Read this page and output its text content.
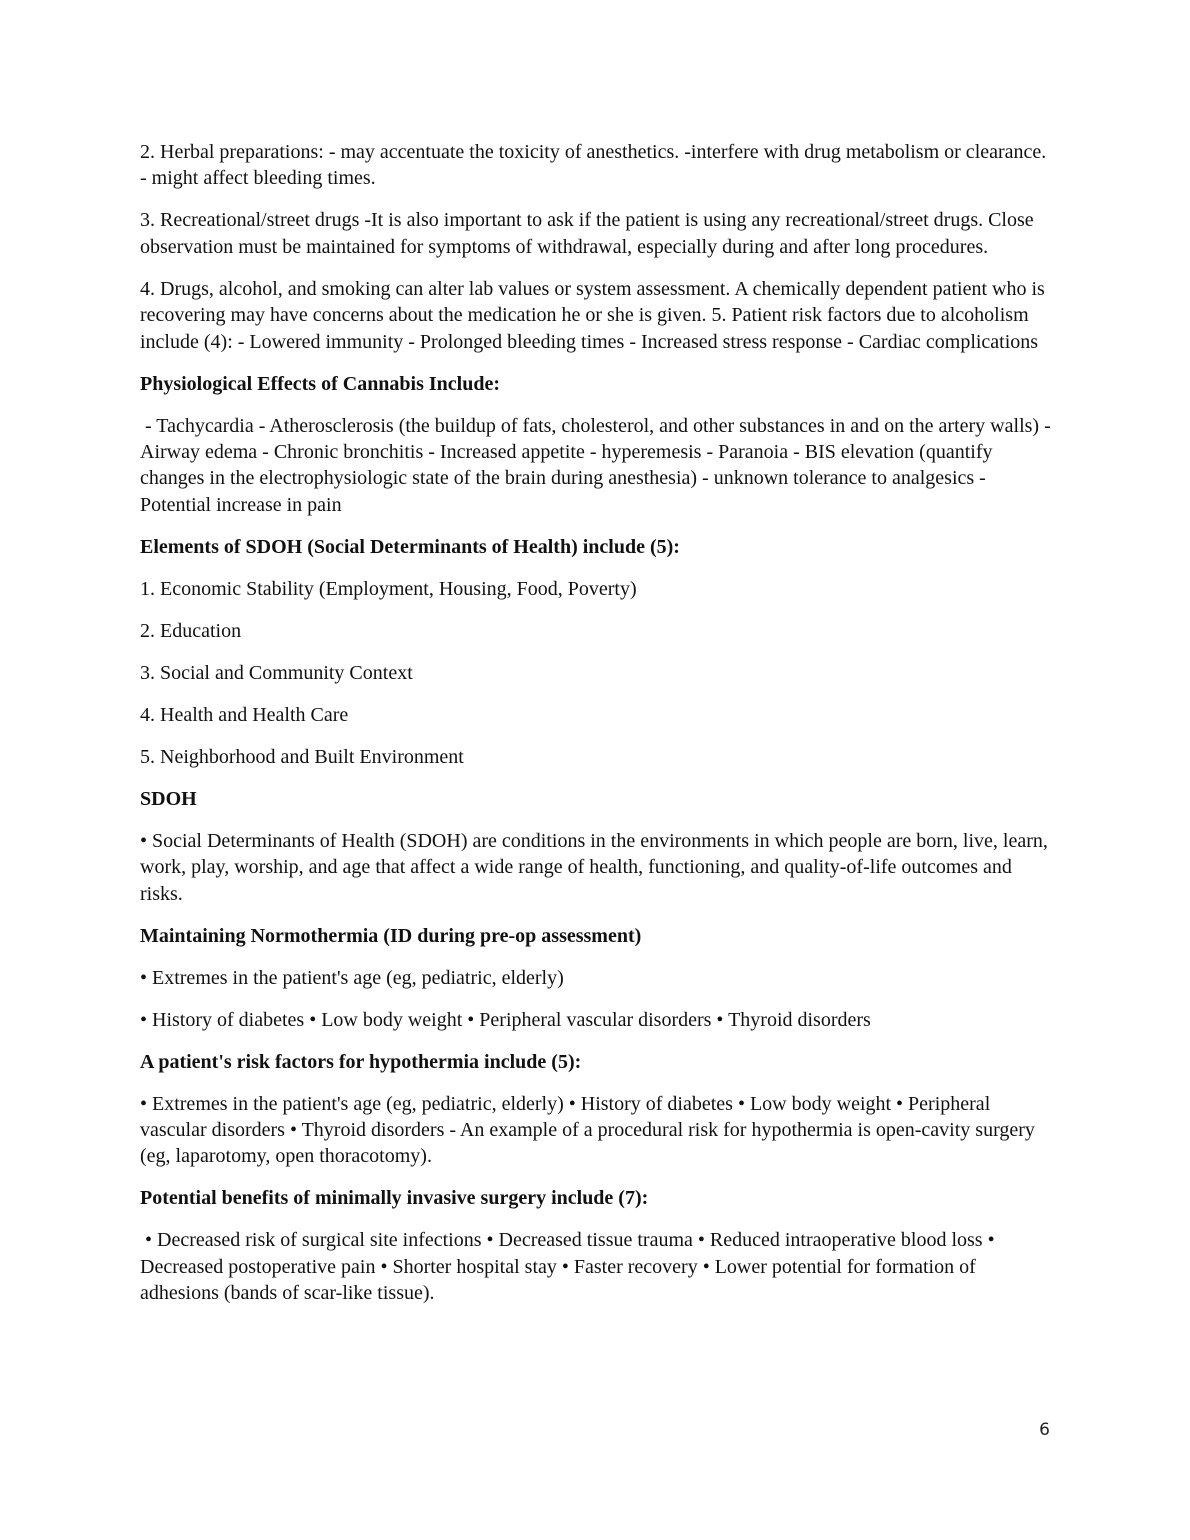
2. Herbal preparations: - may accentuate the toxicity of anesthetics. -interfere with drug metabolism or clearance. - might affect bleeding times.

3. Recreational/street drugs -It is also important to ask if the patient is using any recreational/street drugs. Close observation must be maintained for symptoms of withdrawal, especially during and after long procedures.

4. Drugs, alcohol, and smoking can alter lab values or system assessment. A chemically dependent patient who is recovering may have concerns about the medication he or she is given. 5. Patient risk factors due to alcoholism include (4): - Lowered immunity - Prolonged bleeding times - Increased stress response - Cardiac complications

Physiological Effects of Cannabis Include:

- Tachycardia - Atherosclerosis (the buildup of fats, cholesterol, and other substances in and on the artery walls) - Airway edema - Chronic bronchitis - Increased appetite - hyperemesis - Paranoia - BIS elevation (quantify changes in the electrophysiologic state of the brain during anesthesia) - unknown tolerance to analgesics - Potential increase in pain

Elements of SDOH (Social Determinants of Health) include (5):

1. Economic Stability (Employment, Housing, Food, Poverty)

2. Education

3. Social and Community Context

4. Health and Health Care

5. Neighborhood and Built Environment

SDOH

• Social Determinants of Health (SDOH) are conditions in the environments in which people are born, live, learn, work, play, worship, and age that affect a wide range of health, functioning, and quality-of-life outcomes and risks.

Maintaining Normothermia (ID during pre-op assessment)

• Extremes in the patient's age (eg, pediatric, elderly)

• History of diabetes • Low body weight • Peripheral vascular disorders • Thyroid disorders

A patient's risk factors for hypothermia include (5):

• Extremes in the patient's age (eg, pediatric, elderly) • History of diabetes • Low body weight • Peripheral vascular disorders • Thyroid disorders - An example of a procedural risk for hypothermia is open-cavity surgery (eg, laparotomy, open thoracotomy).

Potential benefits of minimally invasive surgery include (7):

• Decreased risk of surgical site infections • Decreased tissue trauma • Reduced intraoperative blood loss • Decreased postoperative pain • Shorter hospital stay • Faster recovery • Lower potential for formation of adhesions (bands of scar-like tissue).

6
